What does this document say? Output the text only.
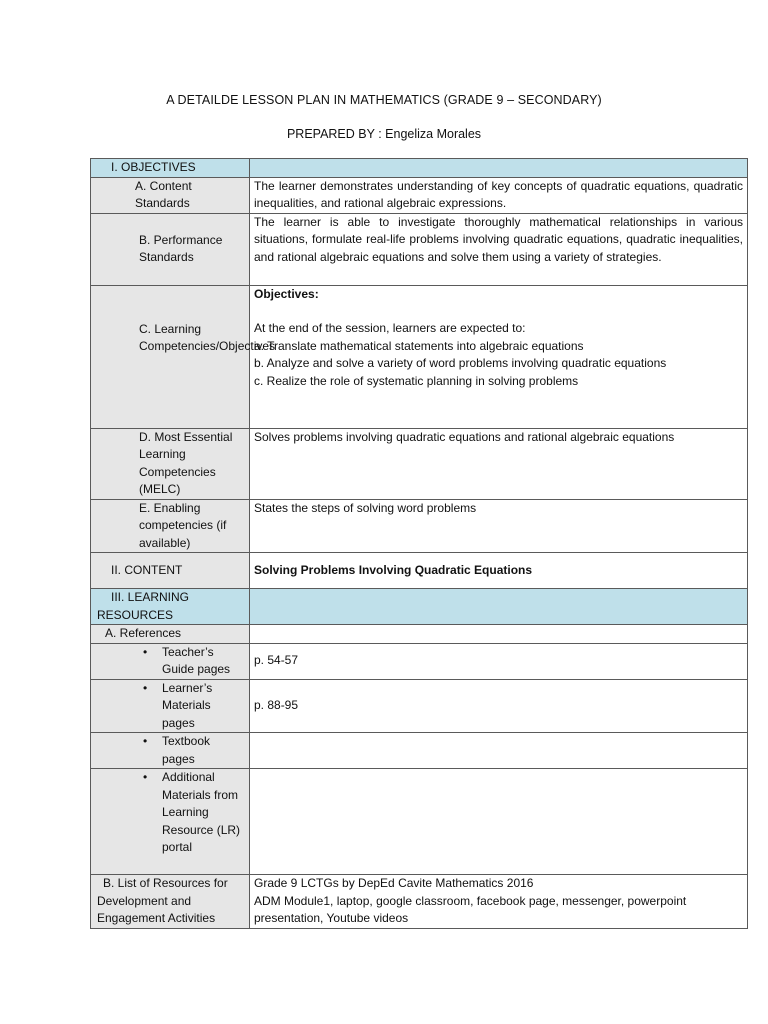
A DETAILDE LESSON PLAN IN MATHEMATICS (GRADE 9 – SECONDARY)
PREPARED BY : Engeliza Morales
I. OBJECTIVES	
A. Content Standards	The learner demonstrates understanding of key concepts of quadratic equations, quadratic inequalities, and rational algebraic expressions.
B. Performance Standards	The learner is able to investigate thoroughly mathematical relationships in various situations, formulate real-life problems involving quadratic equations, quadratic inequalities, and rational algebraic equations and solve them using a variety of strategies.
C. Learning Competencies/Objectives	Objectives:
At the end of the session, learners are expected to:
a. Translate mathematical statements into algebraic equations
b. Analyze and solve a variety of word problems involving quadratic equations
c. Realize the role of systematic planning in solving problems

D. Most Essential Learning Competencies (MELC)	Solves problems involving quadratic equations and rational algebraic equations
E. Enabling competencies (if available)	States the steps of solving word problems
II. CONTENT	Solving Problems Involving Quadratic Equations
III. LEARNING RESOURCES	
A. References	

• Teacher’s Guide pages	p. 54-57

• Learner’s Materials pages	p. 88-95

• Textbook pages	

• Additional Materials from Learning Resource (LR) portal	
B. List of Resources for Development and Engagement Activities	Grade 9 LCTGs by DepEd Cavite Mathematics 2016
ADM Module1, laptop, google classroom, facebook page, messenger, powerpoint presentation, Youtube videos
